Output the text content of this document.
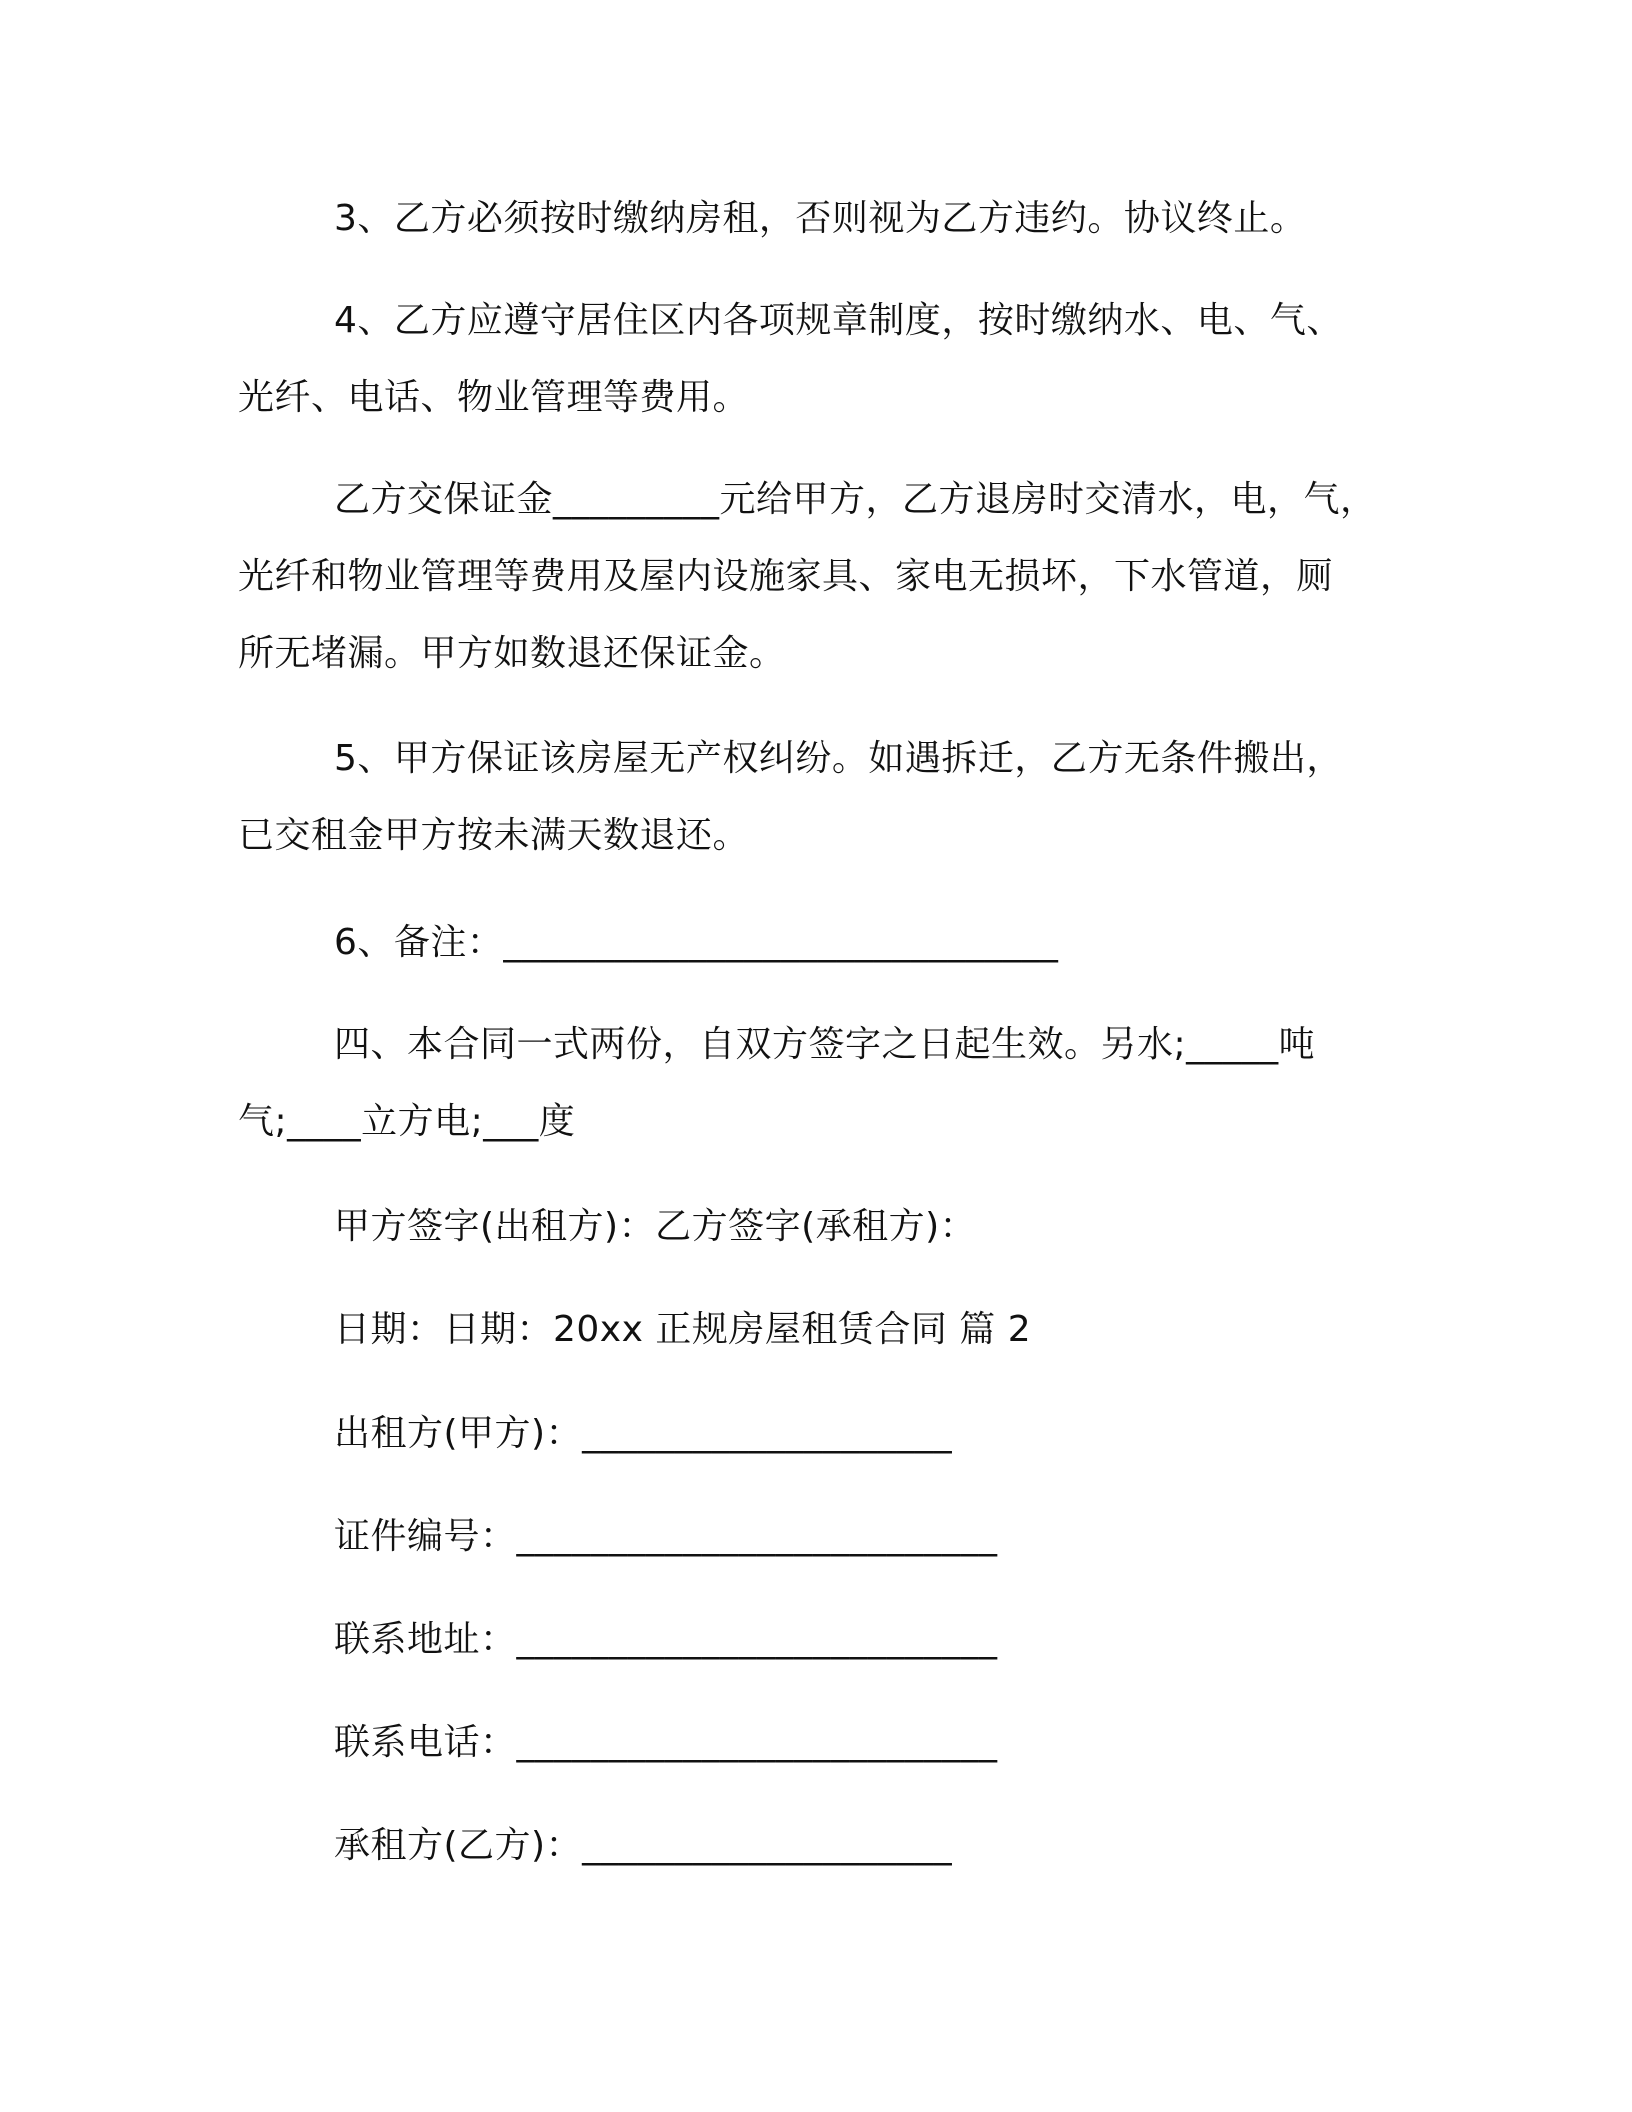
3、乙方必须按时缴纳房租，否则视为乙方违约。协议终止。

4、乙方应遵守居住区内各项规章制度，按时缴纳水、电、气、
光纤、电话、物业管理等费用。
乙方交保证金_________元给甲方，乙方退房时交清水，电，气，
光纤和物业管理等费用及屋内设施家具、家电无损坏，下水管道，厕
所无堵漏。甲方如数退还保证金。
5、甲方保证该房屋无产权纠纷。如遇拆迁，乙方无条件搬出，
已交租金甲方按未满天数退还。

6、备注：______________________________

四、本合同一式两份，自双方签字之日起生效。另水;_____吨
气;____立方电;___度

甲方签字(出租方)：乙方签字(承租方)：

日期：日期：20xx 正规房屋租赁合同 篇 2

出租方(甲方)：____________________

证件编号：__________________________

联系地址：__________________________

联系电话：__________________________

承租方(乙方)：____________________
